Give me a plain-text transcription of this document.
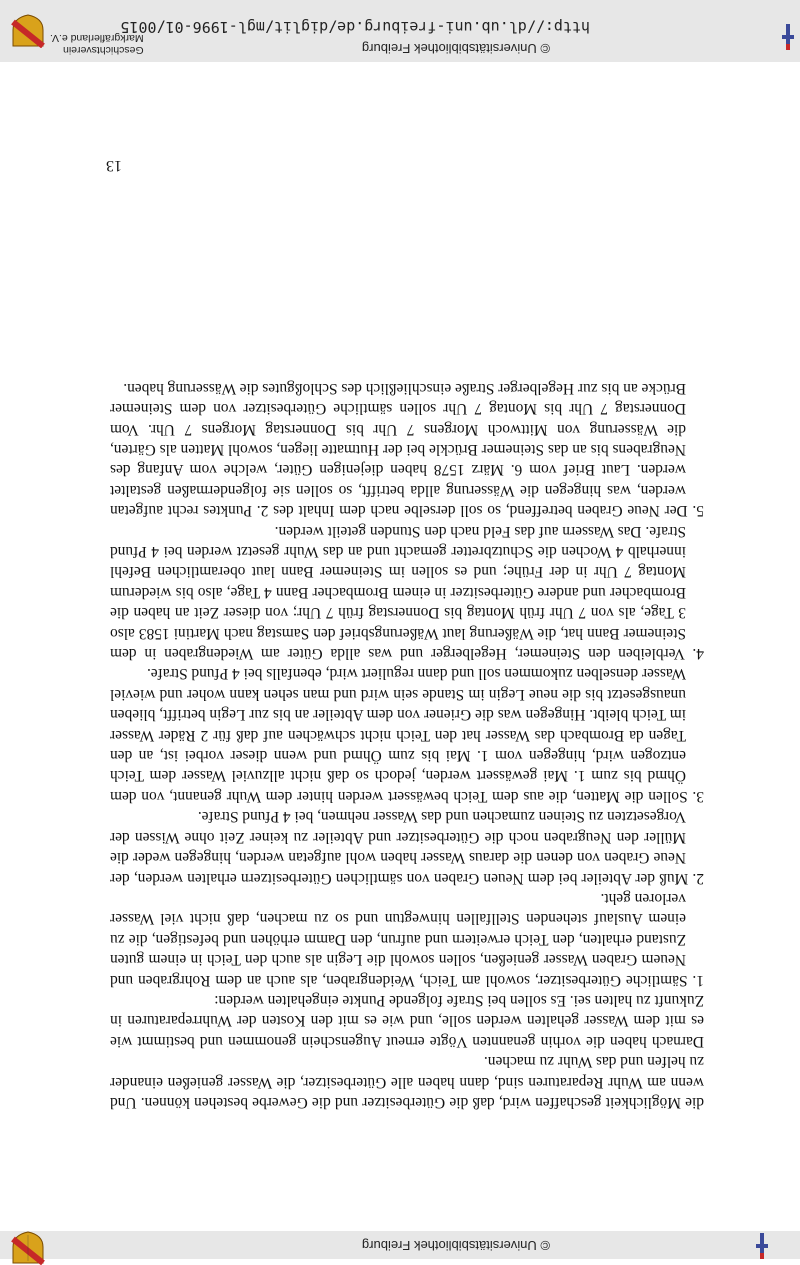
© Universitätsbibliothek Freiburg

die Möglichkeit geschaffen wird, daß die Güterbesitzer und die Gewerbe bestehen können. Und wenn am Wuhr Reparaturen sind, dann haben alle Güterbesitzer, die Wasser genießen einander zu helfen und das Wuhr zu machen.

Darnach haben die vorhin genannten Vögte erneut Augenschein genommen und bestimmt wie es mit dem Wasser gehalten werden solle, und wie es mit den Kosten der Wuhrreparaturen in Zukunft zu halten sei. Es sollen bei Strafe folgende Punkte eingehalten werden:

1. Sämtliche Güterbesitzer, sowohl am Teich, Weidengraben, als auch an dem Rohrgraben und Neuem Graben Wasser genießen, sollen sowohl die Legin als auch den Teich in einem guten Zustand erhalten, den Teich erweitern und aufrun, den Damm erhöhen und befestigen, die zu einem Auslauf stehenden Stellfallen hinwegtun und so zu machen, daß nicht viel Wasser verloren geht.

2. Muß der Abteiler bei dem Neuen Graben von sämtlichen Güterbesitzern erhalten werden, der Neue Graben von denen die daraus Wasser haben wohl aufgetan werden, hingegen weder die Müller den Neugraben noch die Güterbesitzer und Abteiler zu keiner Zeit ohne Wissen der Vorgesetzten zu Steinen zumachen und das Wasser nehmen, bei 4 Pfund Strafe.

3. Sollen die Matten, die aus dem Teich bewässert werden hinter dem Wuhr genannt, von dem Öhmd bis zum 1. Mai gewässert werden, jedoch so daß nicht allzuviel Wasser dem Teich entzogen wird, hingegen vom 1. Mai bis zum Öhmd und wenn dieser vorbei ist, an den Tagen da Brombach das Wasser hat den Teich nicht schwächen auf daß für 2 Räder Wasser im Teich bleibt. Hingegen was die Griener von dem Abteiler an bis zur Legin betrifft, blieben unausgesetzt bis die neue Legin im Stande sein wird und man sehen kann woher und wieviel Wasser denselben zukommen soll und dann reguliert wird, ebenfalls bei 4 Pfund Strafe.

4. Verbleiben den Steinemer, Hegelberger und was allda Güter am Wiedengraben in dem Steinemer Bann hat, die Wäßerung laut Wäßerungsbrief den Samstag nach Martini 1583 also 3 Tage, als von 7 Uhr früh Montag bis Donnerstag früh 7 Uhr; von dieser Zeit an haben die Brombacher und andere Güterbesitzer in einem Brombacher Bann 4 Tage, also bis wiederum Montag 7 Uhr in der Frühe; und es sollen im Steinemer Bann laut oberamtlichen Befehl innerhalb 4 Wochen die Schutzbretter gemacht und an das Wuhr gesetzt werden bei 4 Pfund Strafe. Das Wassern auf das Feld nach den Stunden geteilt werden.

5. Der Neue Graben betreffend, so soll derselbe nach dem Inhalt des 2. Punktes recht aufgetan werden, was hingegen die Wässerung allda betrifft, so sollen sie folgendermaßen gestaltet werden. Laut Brief vom 6. März 1578 haben diejenigen Güter, welche vom Anfang des Neugrabens bis an das Steinemer Brückle bei der Hutmatte liegen, sowohl Matten als Gärten, die Wässerung von Mittwoch Morgens 7 Uhr bis Donnerstag Morgens 7 Uhr. Vom Donnerstag 7 Uhr bis Montag 7 Uhr sollen sämtliche Güterbesitzer von dem Steinemer Brücke an bis zur Hegelberger Straße einschließlich des Schloßgutes die Wässerung haben.

13
© Universitätsbibliothek Freiburg
http://dl.ub.uni-freiburg.de/diglit/mgl-1996-01/0015
Geschichtsverein
Markgräflerland e.V.
